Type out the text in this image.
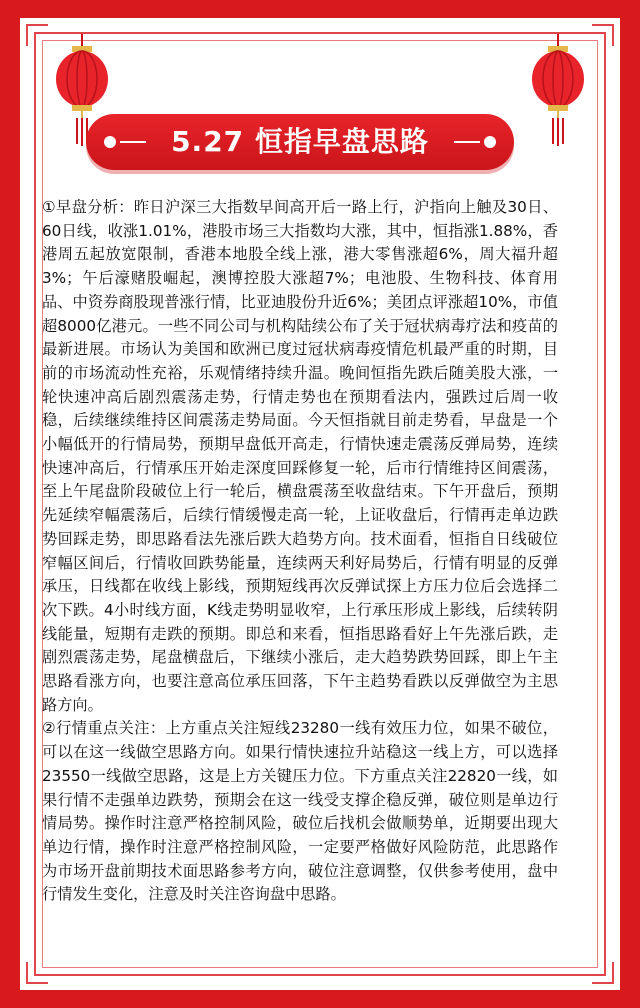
5.27 恒指早盘思路

①早盘分析：昨日沪深三大指数早间高开后一路上行，沪指向上触及30日、60日线，收涨1.01%，港股市场三大指数均大涨，其中，恒指涨1.88%，香港周五起放宽限制，香港本地股全线上涨，港大零售涨超6%，周大福升超3%；午后濠赌股崛起，澳博控股大涨超7%；电池股、生物科技、体育用品、中资券商股现普涨行情，比亚迪股份升近6%；美团点评涨超10%，市值超8000亿港元。一些不同公司与机构陆续公布了关于冠状病毒疗法和疫苗的最新进展。市场认为美国和欧洲已度过冠状病毒疫情危机最严重的时期，目前的市场流动性充裕，乐观情绪持续升温。晚间恒指先跌后随美股大涨，一轮快速冲高后剧烈震荡走势，行情走势也在预期看法内，强跌过后周一收稳，后续继续维持区间震荡走势局面。今天恒指就目前走势看，早盘是一个小幅低开的行情局势，预期早盘低开高走，行情快速走震荡反弹局势，连续快速冲高后，行情承压开始走深度回踩修复一轮，后市行情维持区间震荡，至上午尾盘阶段破位上行一轮后，横盘震荡至收盘结束。下午开盘后，预期先延续窄幅震荡后，后续行情缓慢走高一轮，上证收盘后，行情再走单边跌势回踩走势，即思路看法先涨后跌大趋势方向。技术面看，恒指自日线破位窄幅区间后，行情收回跌势能量，连续两天利好局势后，行情有明显的反弹承压，日线都在收线上影线，预期短线再次反弹试探上方压力位后会选择二次下跌。4小时线方面，K线走势明显收窄，上行承压形成上影线，后续转阴线能量，短期有走跌的预期。即总和来看，恒指思路看好上午先涨后跌，走剧烈震荡走势，尾盘横盘后，下继续小涨后，走大趋势跌势回踩，即上午主思路看涨方向，也要注意高位承压回落，下午主趋势看跌以反弹做空为主思路方向。

②行情重点关注：上方重点关注短线23280一线有效压力位，如果不破位，可以在这一线做空思路方向。如果行情快速拉升站稳这一线上方，可以选择23550一线做空思路，这是上方关键压力位。下方重点关注22820一线，如果行情不走强单边跌势，预期会在这一线受支撑企稳反弹，破位则是单边行情局势。操作时注意严格控制风险，破位后找机会做顺势单，近期要出现大单边行情，操作时注意严格控制风险，一定要严格做好风险防范，此思路作为市场开盘前期技术面思路参考方向，破位注意调整，仅供参考使用，盘中行情发生变化，注意及时关注咨询盘中思路。
